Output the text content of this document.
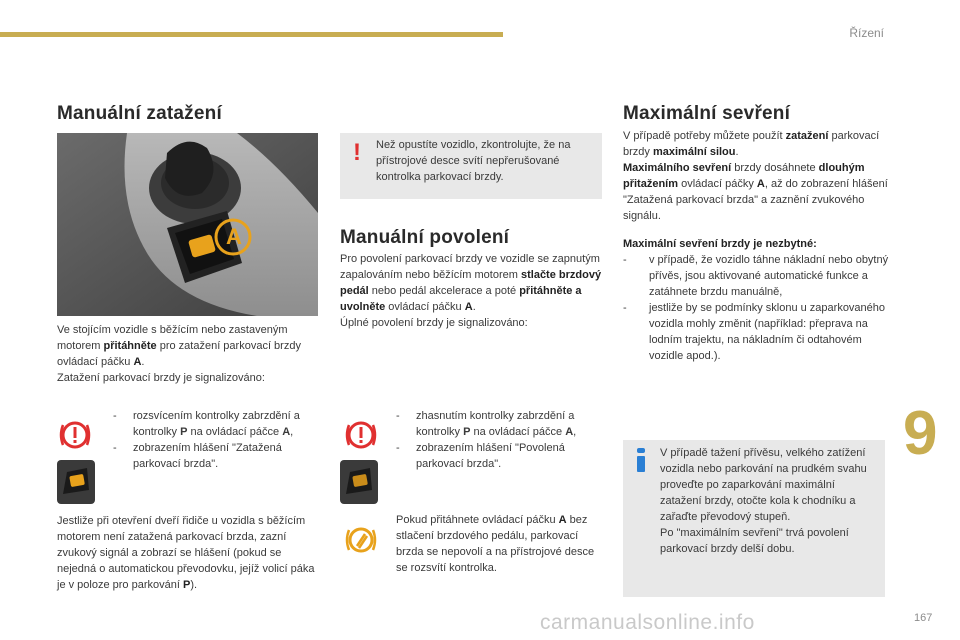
Řízení
Manuální zatažení
A

Ve stojícím vozidle s běžícím nebo zastaveným motorem přitáhněte pro zatažení parkovací brzdy ovládací páčku A.
Zatažení parkovací brzdy je signalizováno:

- rozsvícením kontrolky zabrzdění a kontrolky P na ovládací páčce A,
- zobrazením hlášení "Zatažená parkovací brzda".

Jestliže při otevření dveří řidiče u vozidla s běžícím motorem není zatažená parkovací brzda, zazní zvukový signál a zobrazí se hlášení (pokud se nejedná o automatickou převodovku, jejíž volicí páka je v poloze pro parkování P).

! Než opustíte vozidlo, zkontrolujte, že na přístrojové desce svítí nepřerušované kontrolka parkovací brzdy.

Manuální povolení

Pro povolení parkovací brzdy ve vozidle se zapnutým zapalováním nebo běžícím motorem stlačte brzdový pedál nebo pedál akcelerace a poté přitáhněte a uvolněte ovládací páčku A.
Úplné povolení brzdy je signalizováno:

- zhasnutím kontrolky zabrzdění a kontrolky P na ovládací páčce A,
- zobrazením hlášení "Povolená parkovací brzda".

Pokud přitáhnete ovládací páčku A bez stlačení brzdového pedálu, parkovací brzda se nepovolí a na přístrojové desce se rozsvítí kontrolka.

Maximální sevření

V případě potřeby můžete použít zatažení parkovací brzdy maximální silou.
Maximálního sevření brzdy dosáhnete dlouhým přitažením ovládací páčky A, až do zobrazení hlášení "Zatažená parkovací brzda" a zaznění zvukového signálu.

Maximální sevření brzdy je nezbytné:

- v případě, že vozidlo táhne nákladní nebo obytný přívěs, jsou aktivované automatické funkce a zatáhnete brzdu manuálně,
- jestliže by se podmínky sklonu u zaparkovaného vozidla mohly změnit (například: přeprava na lodním trajektu, na nákladním či odtahovém vozidle apod.).

V případě tažení přívěsu, velkého zatížení vozidla nebo parkování na prudkém svahu proveďte po zaparkování maximální zatažení brzdy, otočte kola k chodníku a zařaďte převodový stupeň.
Po "maximálním sevření" trvá povolení parkovací brzdy delší dobu.

9
carmanualsonline.info	167
